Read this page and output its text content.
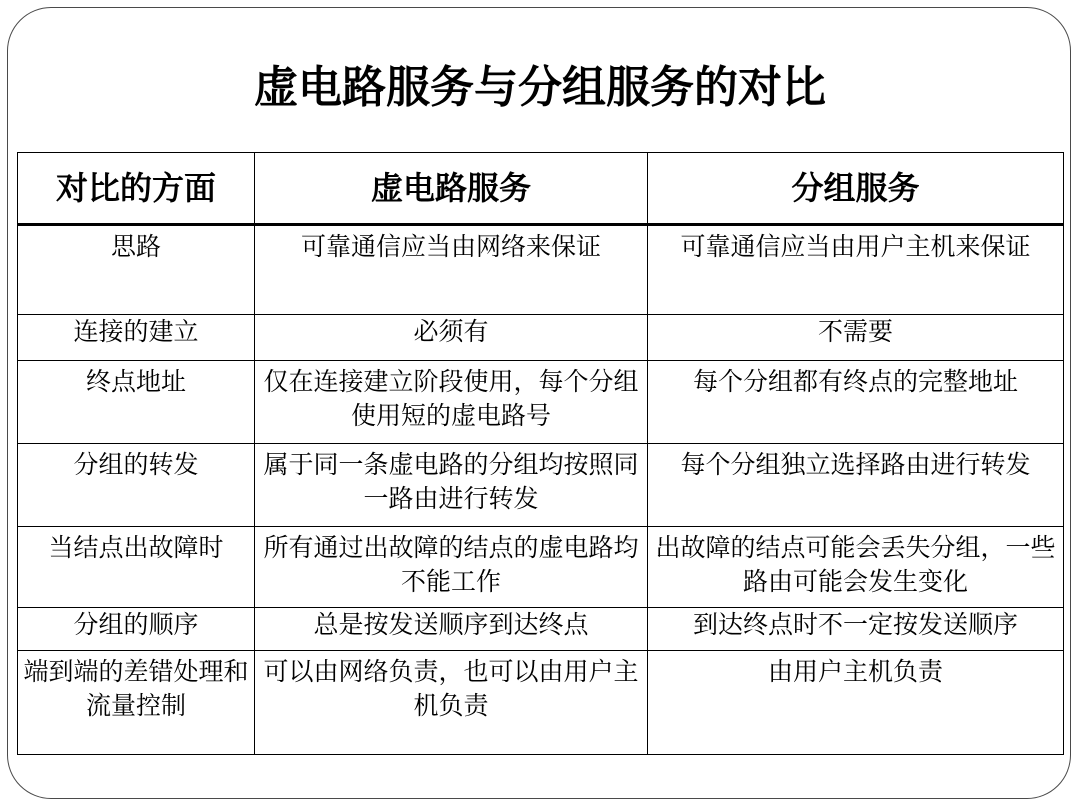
虚电路服务与分组服务的对比
对比的方面	虚电路服务	分组服务
思路	可靠通信应当由网络来保证	可靠通信应当由用户主机来保证
连接的建立	必须有	不需要
终点地址	仅在连接建立阶段使用，每个分组使用短的虚电路号	每个分组都有终点的完整地址
分组的转发	属于同一条虚电路的分组均按照同一路由进行转发	每个分组独立选择路由进行转发
当结点出故障时	所有通过出故障的结点的虚电路均不能工作	出故障的结点可能会丢失分组，一些路由可能会发生变化
分组的顺序	总是按发送顺序到达终点	到达终点时不一定按发送顺序
端到端的差错处理和流量控制	可以由网络负责，也可以由用户主机负责	由用户主机负责
